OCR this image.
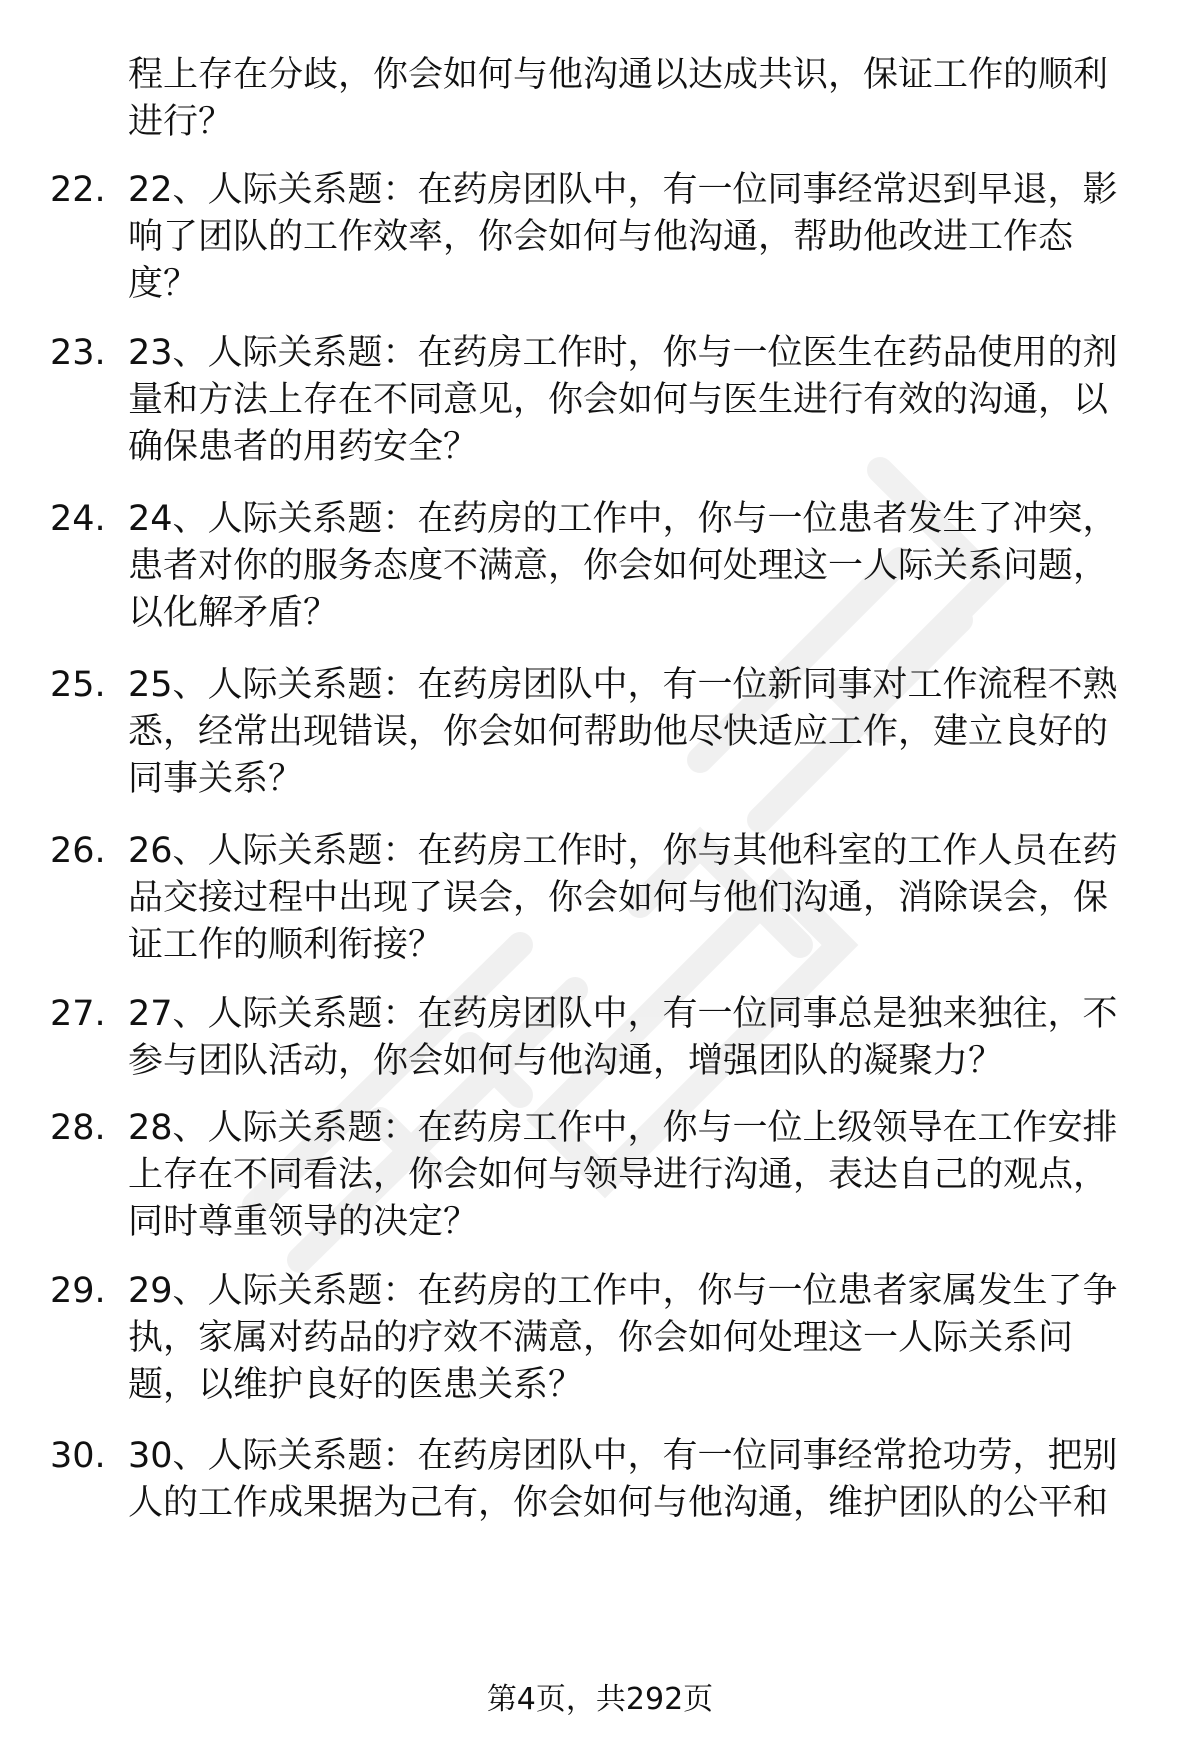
程上存在分歧，你会如何与他沟通以达成共识，保证工作的顺利
进行？
22. 22、人际关系题：在药房团队中，有一位同事经常迟到早退，影
响了团队的工作效率，你会如何与他沟通，帮助他改进工作态
度？
23. 23、人际关系题：在药房工作时，你与一位医生在药品使用的剂
量和方法上存在不同意见，你会如何与医生进行有效的沟通，以
确保患者的用药安全？
24. 24、人际关系题：在药房的工作中，你与一位患者发生了冲突，
患者对你的服务态度不满意，你会如何处理这一人际关系问题，
以化解矛盾？
25. 25、人际关系题：在药房团队中，有一位新同事对工作流程不熟
悉，经常出现错误，你会如何帮助他尽快适应工作，建立良好的
同事关系？
26. 26、人际关系题：在药房工作时，你与其他科室的工作人员在药
品交接过程中出现了误会，你会如何与他们沟通，消除误会，保
证工作的顺利衔接？
27. 27、人际关系题：在药房团队中，有一位同事总是独来独往，不
参与团队活动，你会如何与他沟通，增强团队的凝聚力？
28. 28、人际关系题：在药房工作中，你与一位上级领导在工作安排
上存在不同看法，你会如何与领导进行沟通，表达自己的观点，
同时尊重领导的决定？
29. 29、人际关系题：在药房的工作中，你与一位患者家属发生了争
执，家属对药品的疗效不满意，你会如何处理这一人际关系问
题，以维护良好的医患关系？
30. 30、人际关系题：在药房团队中，有一位同事经常抢功劳，把别
人的工作成果据为己有，你会如何与他沟通，维护团队的公平和
第4页，共292页
